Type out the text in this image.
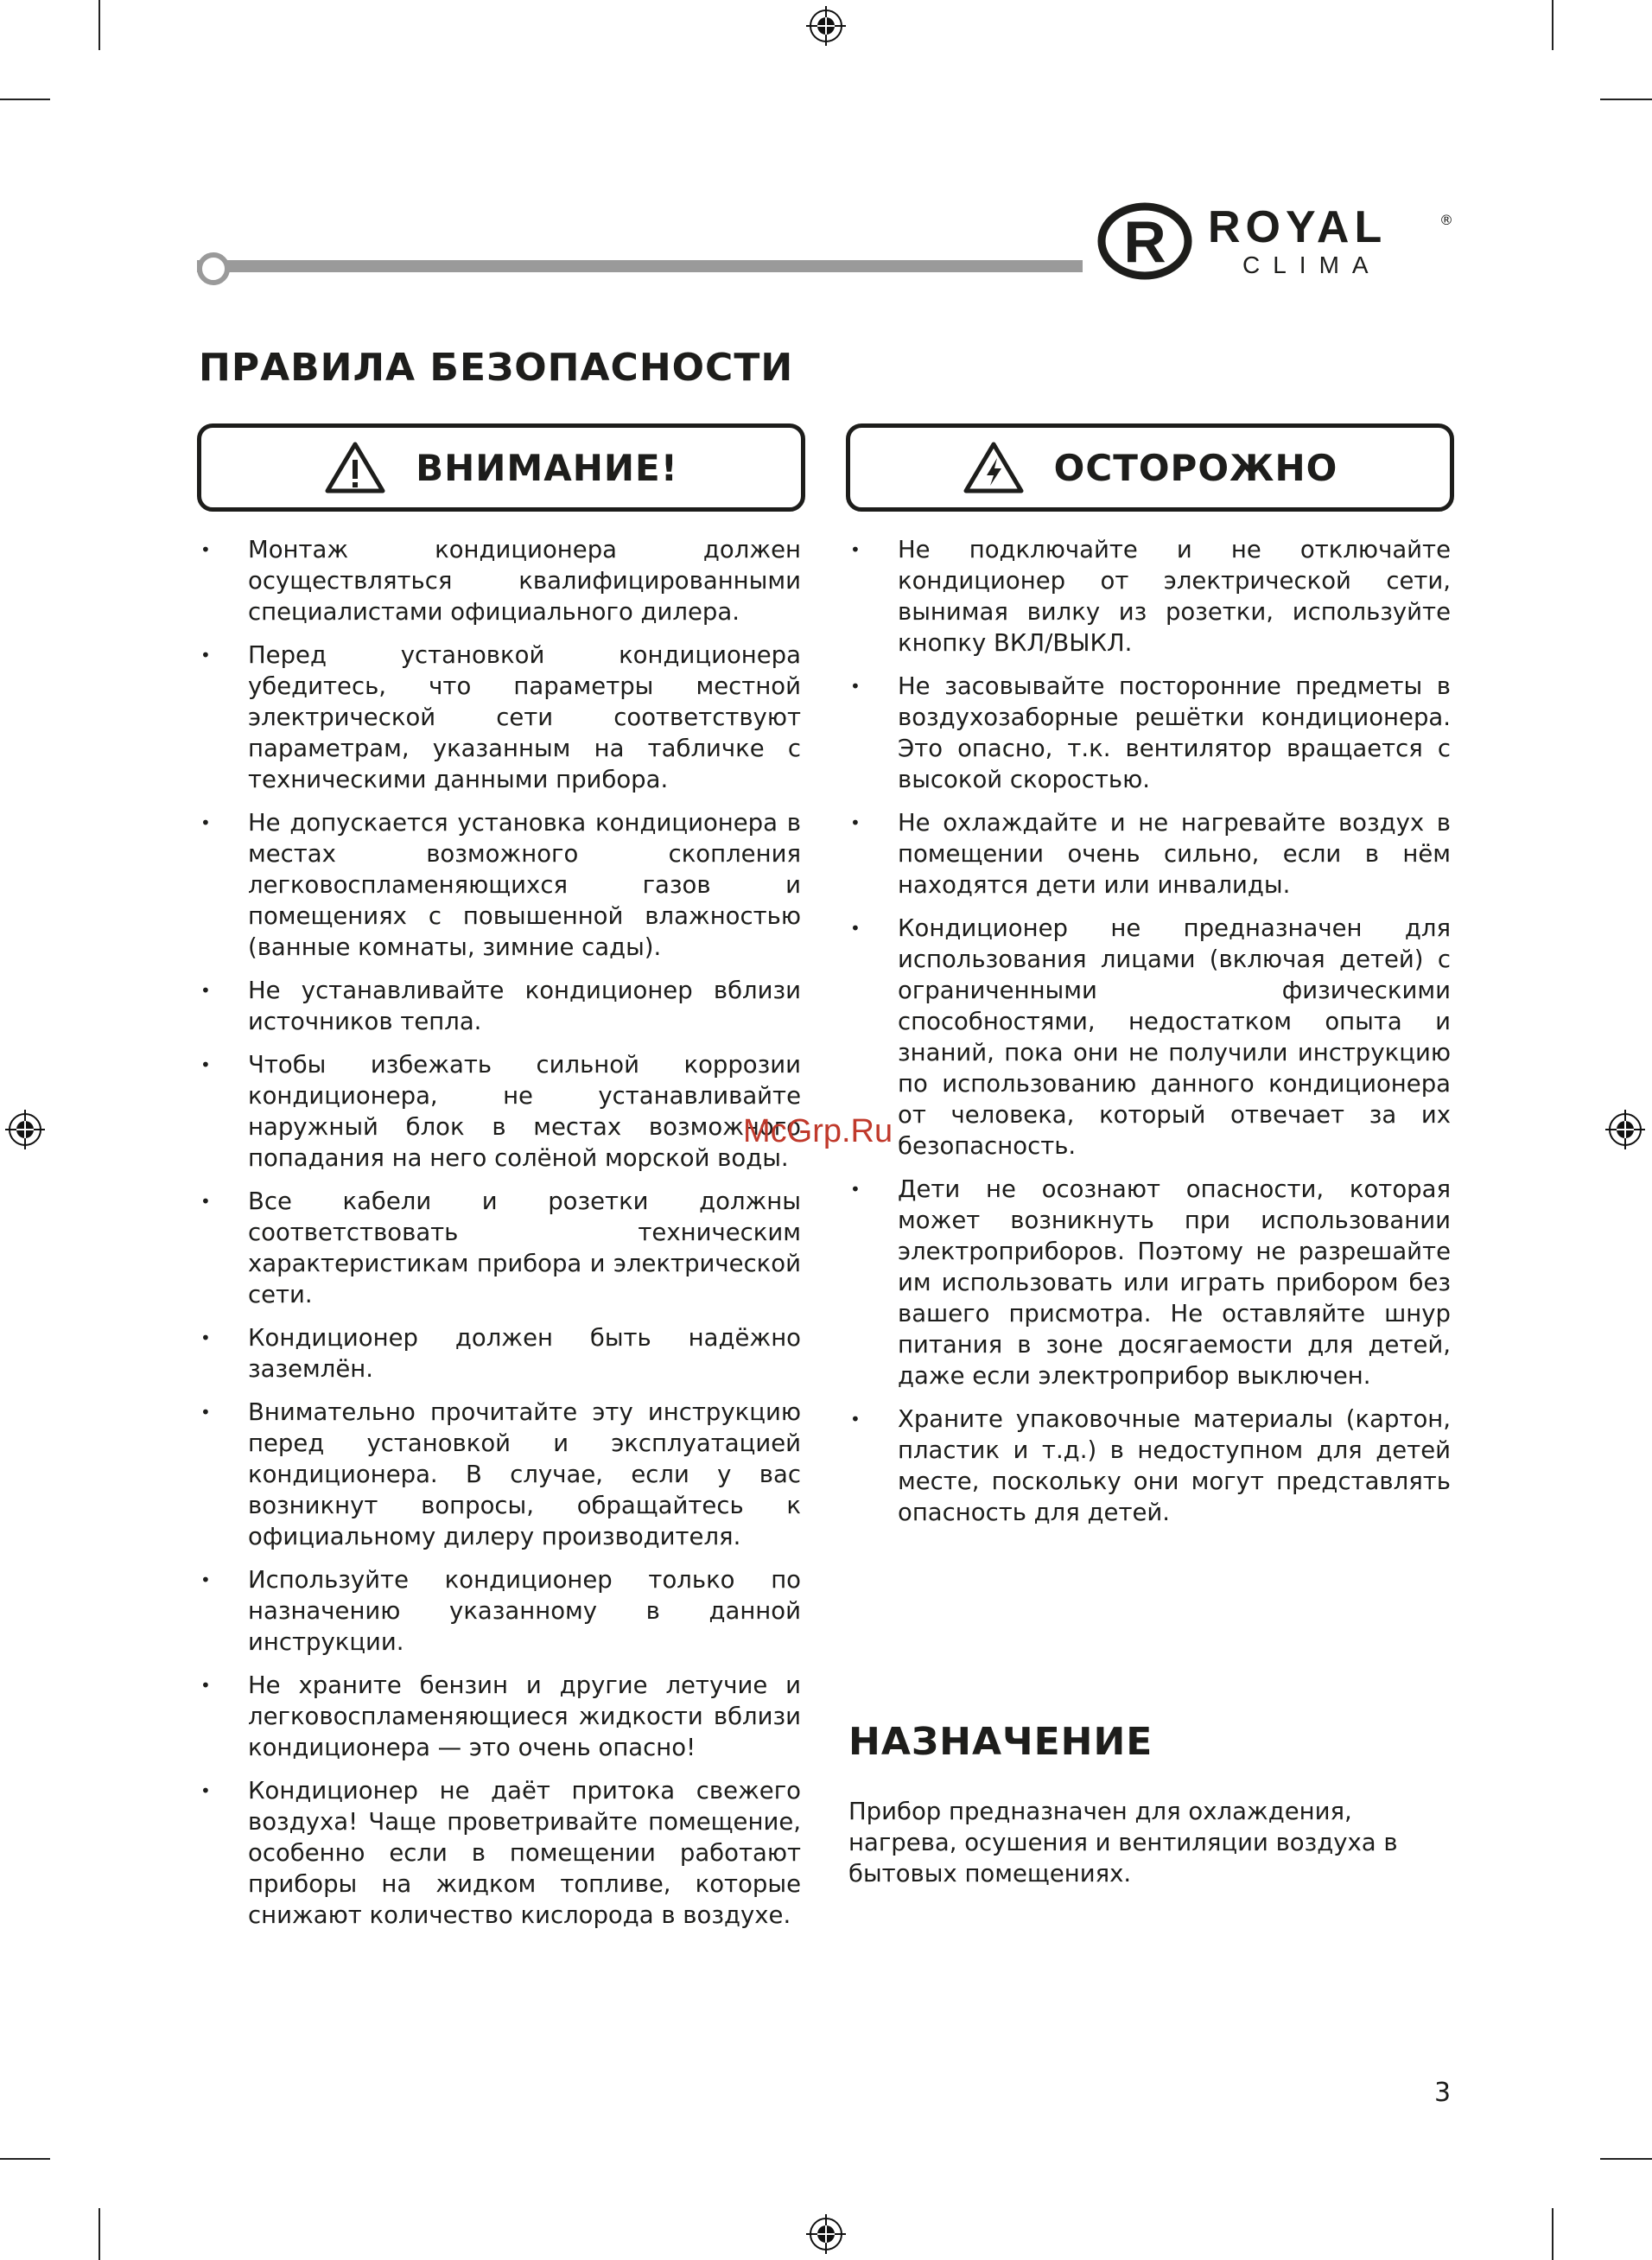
R ROYAL	®
CLIMA
ПРАВИЛА БЕЗОПАСНОСТИ
ВНИМАНИЕ!	ОСТОРОЖНО
• Монтаж кондиционера должен осуществляться квалифицированными специалистами официального дилера.
• Перед установкой кондиционера убедитесь, что параметры местной электрической сети соответствуют параметрам, указанным на табличке с техническими данными прибора.
• Не допускается установка кондиционера в местах возможного скопления легковоспламеняющихся газов и помещениях с повышенной влажностью (ванные комнаты, зимние сады).
• Не устанавливайте кондиционер вблизи источников тепла.
• Чтобы избежать сильной коррозии кондиционера, не устанавливайте наружный блок в местах возможного попадания на него солёной морской воды.
• Все кабели и розетки должны соответствовать техническим характеристикам прибора и электрической сети.
• Кондиционер должен быть надёжно заземлён.
• Внимательно прочитайте эту инструкцию перед установкой и эксплуатацией кондиционера. В случае, если у вас возникнут вопросы, обращайтесь к официальному дилеру производителя.
• Используйте кондиционер только по назначению указанному в данной инструкции.
• Не храните бензин и другие летучие и легковоспламеняющиеся жидкости вблизи кондиционера — это очень опасно!
• Кондиционер не даёт притока свежего воздуха! Чаще проветривайте помещение, особенно если в помещении работают приборы на жидком топливе, которые снижают количество кислорода в воздухе.
• Не подключайте и не отключайте кондиционер от электрической сети, вынимая вилку из розетки, используйте кнопку ВКЛ/ВЫКЛ.
• Не засовывайте посторонние предметы в воздухозаборные решётки кондиционера. Это опасно, т.к. вентилятор вращается с высокой скоростью.
• Не охлаждайте и не нагревайте воздух в помещении очень сильно, если в нём находятся дети или инвалиды.
• Кондиционер не предназначен для использования лицами (включая детей) с ограниченными физическими способностями, недостатком опыта и знаний, пока они не получили инструкцию по использованию данного кондиционера от человека, который отвечает за их безопасность.
• Дети не осознают опасности, которая может возникнуть при использовании электроприборов. Поэтому не разрешайте им использовать или играть прибором без вашего присмотра. Не оставляйте шнур питания в зоне досягаемости для детей, даже если электроприбор выключен.
• Храните упаковочные материалы (картон, пластик и т.д.) в недоступном для детей месте, поскольку они могут представлять опасность для детей.
НАЗНАЧЕНИЕ

Прибор предназначен для охлаждения, нагрева, осушения и вентиляции воздуха в бытовых помещениях.

McGrp.Ru
3
